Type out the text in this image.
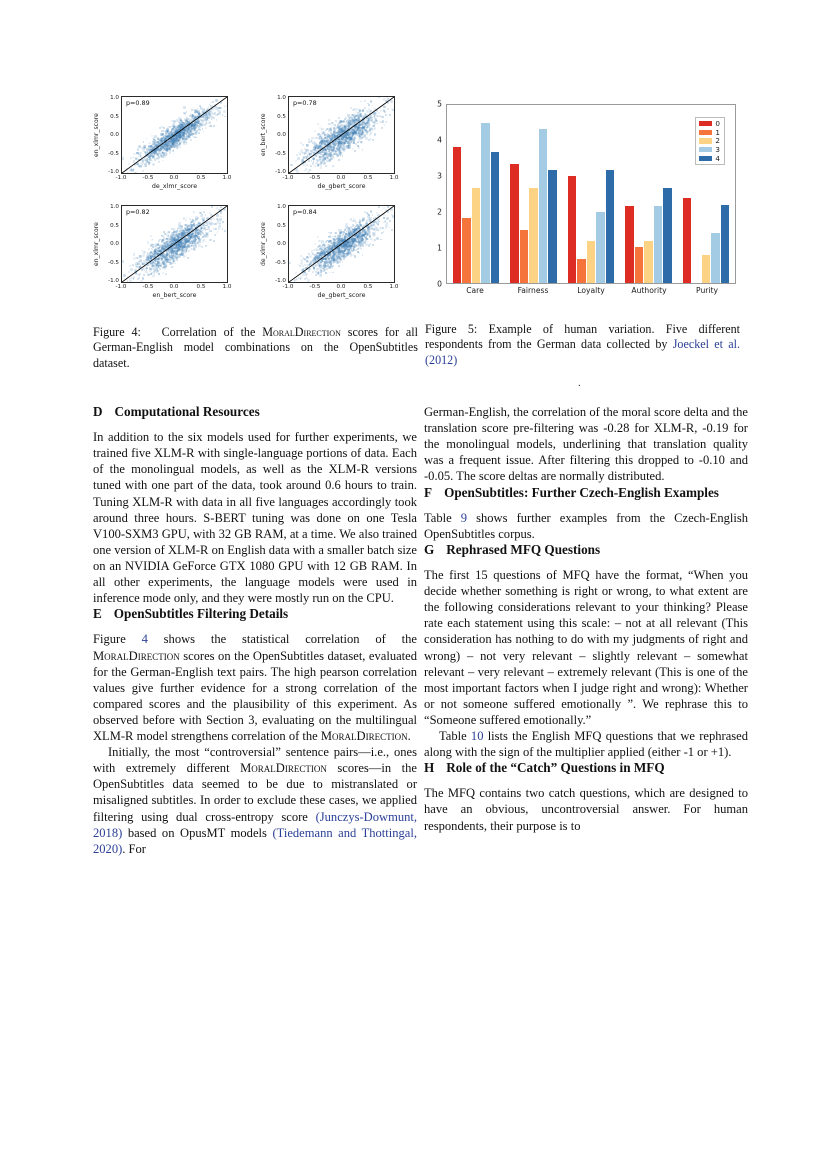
en_xlmr_score
1.0
0.5
0.0
-0.5
-1.0
p=0.89
-1.0	-0.5	0.0	0.5	1.0
de_xlmr_score
en_bert_score
1.0
0.5
0.0
-0.5
-1.0
p=0.78
-1.0	-0.5	0.0	0.5	1.0
de_gbert_score
en_xlmr_score
1.0
0.5
0.0
-0.5
-1.0
p=0.82
-1.0	-0.5	0.0	0.5	1.0
en_bert_score
de_xlmr_score
1.0
0.5
0.0
-0.5
-1.0
p=0.84
-1.0	-0.5	0.0	0.5	1.0
de_gbert_score
0
1
2
3
4
5
0
1
2
3
4
Care	Fairness	Loyalty	Authority	Purity
Figure 4:   Correlation of the MoralDirection scores for all German-English model combinations on the OpenSubtitles dataset.
Figure 5: Example of human variation. Five different respondents from the German data collected by Joeckel et al. (2012)
.
D Computational Resources

In addition to the six models used for further experiments, we trained five XLM-R with single-language portions of data. Each of the monolingual models, as well as the XLM-R versions tuned with one part of the data, took around 0.6 hours to train. Tuning XLM-R with data in all five languages accordingly took around three hours. S-BERT tuning was done on one Tesla V100-SXM3 GPU, with 32 GB RAM, at a time. We also trained one version of XLM-R on English data with a smaller batch size on an NVIDIA GeForce GTX 1080 GPU with 12 GB RAM. In all other experiments, the language models were used in inference mode only, and they were mostly run on the CPU.

E OpenSubtitles Filtering Details

Figure 4 shows the statistical correlation of the MoralDirection scores on the OpenSubtitles dataset, evaluated for the German-English text pairs. The high pearson correlation values give further evidence for a strong correlation of the compared scores and the plausibility of this experiment. As observed before with Section 3, evaluating on the multilingual XLM-R model strengthens correlation of the MoralDirection.

Initially, the most “controversial” sentence pairs—i.e., ones with extremely different MoralDirection scores—in the OpenSubtitles data seemed to be due to mistranslated or misaligned subtitles. In order to exclude these cases, we applied filtering using dual cross-entropy score (Junczys-Dowmunt, 2018) based on OpusMT models (Tiedemann and Thottingal, 2020). For

German-English, the correlation of the moral score delta and the translation score pre-filtering was -0.28 for XLM-R, -0.19 for the monolingual models, underlining that translation quality was a frequent issue. After filtering this dropped to -0.10 and -0.05. The score deltas are normally distributed.

F OpenSubtitles: Further Czech-English Examples

Table 9 shows further examples from the Czech-English OpenSubtitles corpus.

G Rephrased MFQ Questions

The first 15 questions of MFQ have the format, “When you decide whether something is right or wrong, to what extent are the following considerations relevant to your thinking? Please rate each statement using this scale: – not at all relevant (This consideration has nothing to do with my judgments of right and wrong) – not very relevant – slightly relevant – somewhat relevant – very relevant – extremely relevant (This is one of the most important factors when I judge right and wrong): Whether or not someone suffered emotionally ”. We rephrase this to “Someone suffered emotionally.”

Table 10 lists the English MFQ questions that we rephrased along with the sign of the multiplier applied (either -1 or +1).

H Role of the “Catch” Questions in MFQ

The MFQ contains two catch questions, which are designed to have an obvious, uncontroversial answer. For human respondents, their purpose is to
